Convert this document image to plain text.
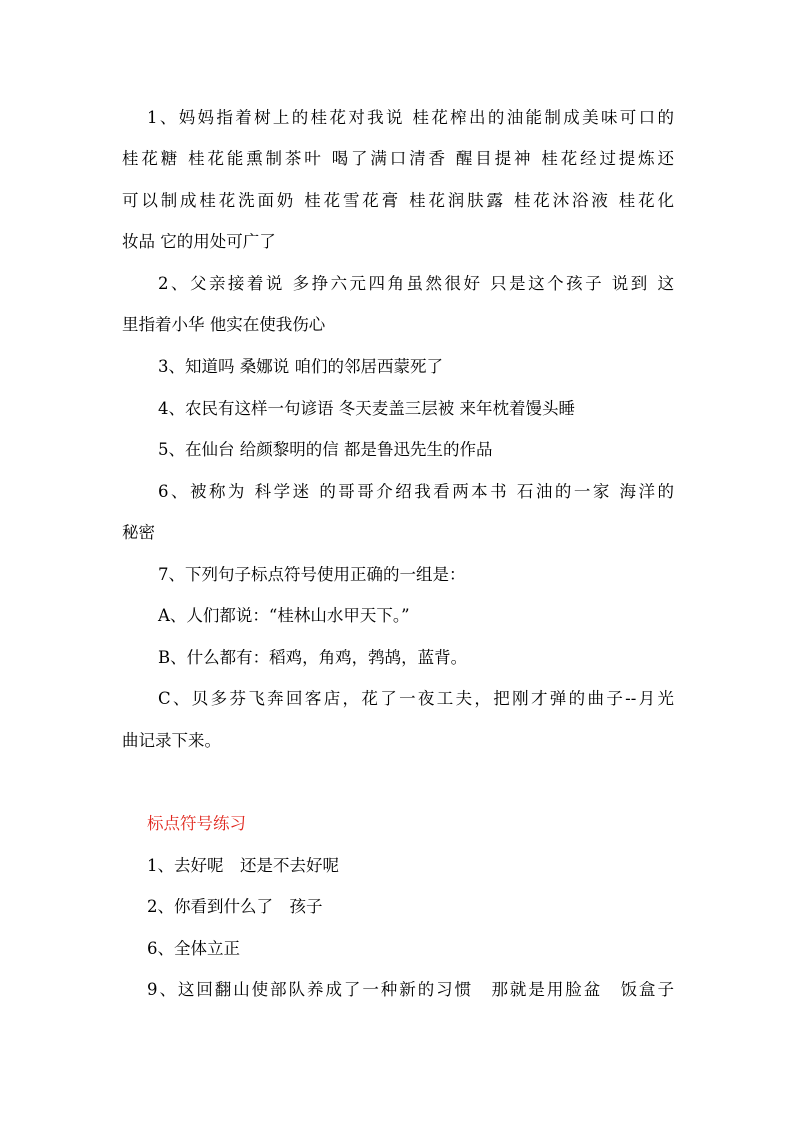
1、妈妈指着树上的桂花对我说 桂花榨出的油能制成美味可口的
桂花糖 桂花能熏制茶叶 喝了满口清香 醒目提神 桂花经过提炼还
可以制成桂花洗面奶 桂花雪花膏 桂花润肤露 桂花沐浴液 桂花化
妆品 它的用处可广了
2、父亲接着说 多挣六元四角虽然很好 只是这个孩子 说到 这
里指着小华 他实在使我伤心
3、知道吗 桑娜说 咱们的邻居西蒙死了
4、农民有这样一句谚语 冬天麦盖三层被 来年枕着馒头睡
5、在仙台 给颜黎明的信 都是鲁迅先生的作品
6、被称为 科学迷 的哥哥介绍我看两本书 石油的一家 海洋的
秘密
7、下列句子标点符号使用正确的一组是：
A、人们都说：“桂林山水甲天下。”
B、什么都有：稻鸡，角鸡，鹁鸪，蓝背。
C、贝多芬飞奔回客店，花了一夜工夫，把刚才弹的曲子--月光
曲记录下来。
标点符号练习
1、去好呢　还是不去好呢
2、你看到什么了　孩子
6、全体立正
9、这回翻山使部队养成了一种新的习惯　那就是用脸盆　饭盒子
